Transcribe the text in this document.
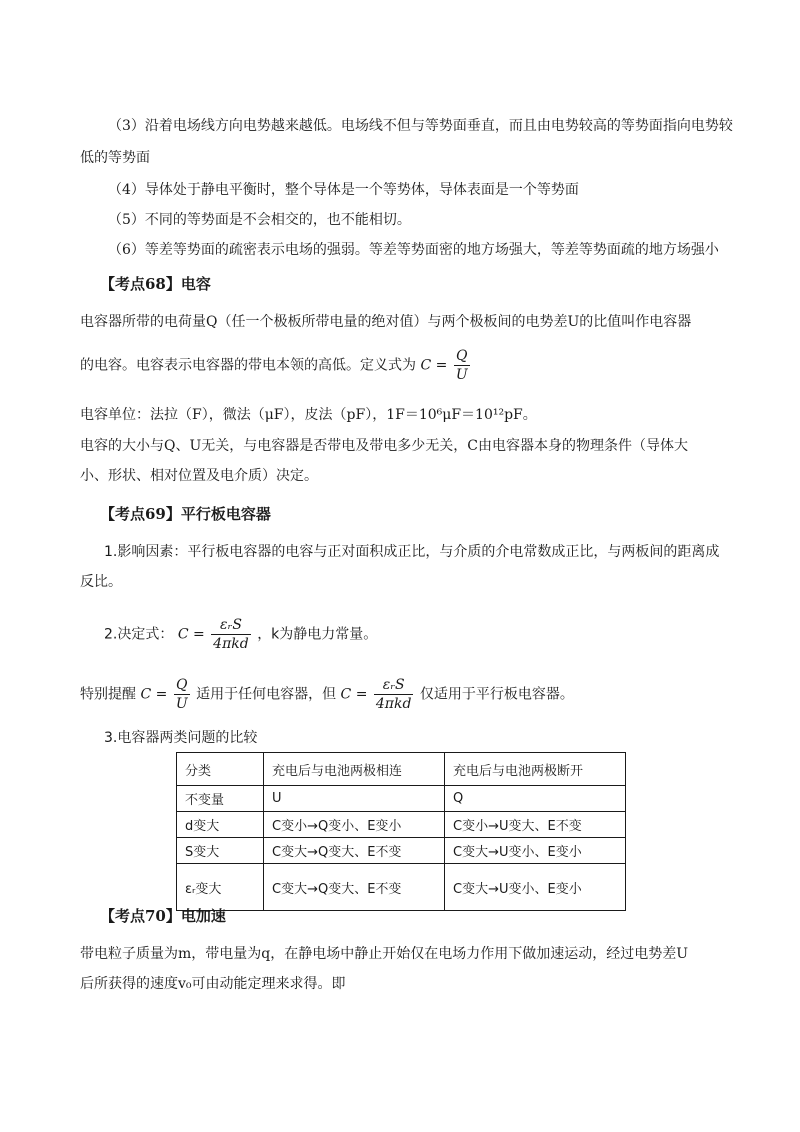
（3）沿着电场线方向电势越来越低。电场线不但与等势面垂直，而且由电势较高的等势面指向电势较
低的等势面
（4）导体处于静电平衡时，整个导体是一个等势体，导体表面是一个等势面
（5）不同的等势面是不会相交的，也不能相切。
（6）等差等势面的疏密表示电场的强弱。等差等势面密的地方场强大，等差等势面疏的地方场强小
【考点68】电容
电容器所带的电荷量Q（任一个极板所带电量的绝对值）与两个极板间的电势差U的比值叫作电容器
的电容。电容表示电容器的带电本领的高低。定义式为 $C = \frac{Q}{U}$
电容单位：法拉（F），微法（μF），皮法（pF），1F＝10⁶μF＝10¹²pF。
电容的大小与Q、U无关，与电容器是否带电及带电多少无关，C由电容器本身的物理条件（导体大
小、形状、相对位置及电介质）决定。
【考点69】平行板电容器
1.影响因素：平行板电容器的电容与正对面积成正比，与介质的介电常数成正比，与两板间的距离成
反比。
2.决定式： $C = \frac{\text{εᵣS}}{\text{4πkd}}$ ，k为静电力常量。
特别提醒 $C = \frac{Q}{U}$ 适用于任何电容器，但 $C = \frac{\text{εᵣS}}{\text{4πkd}}$ 仅适用于平行板电容器。
3.电容器两类问题的比较
分类	充电后与电池两极相连	充电后与电池两极断开
不变量	U	Q
d变大	C变小→Q变小、E变小	C变小→U变大、E不变
S变大	C变大→Q变大、E不变	C变大→U变小、E变小
εᵣ变大	C变大→Q变大、E不变	C变大→U变小、E变小
【考点70】电加速
带电粒子质量为m，带电量为q，在静电场中静止开始仅在电场力作用下做加速运动，经过电势差U
后所获得的速度v₀可由动能定理来求得。即
